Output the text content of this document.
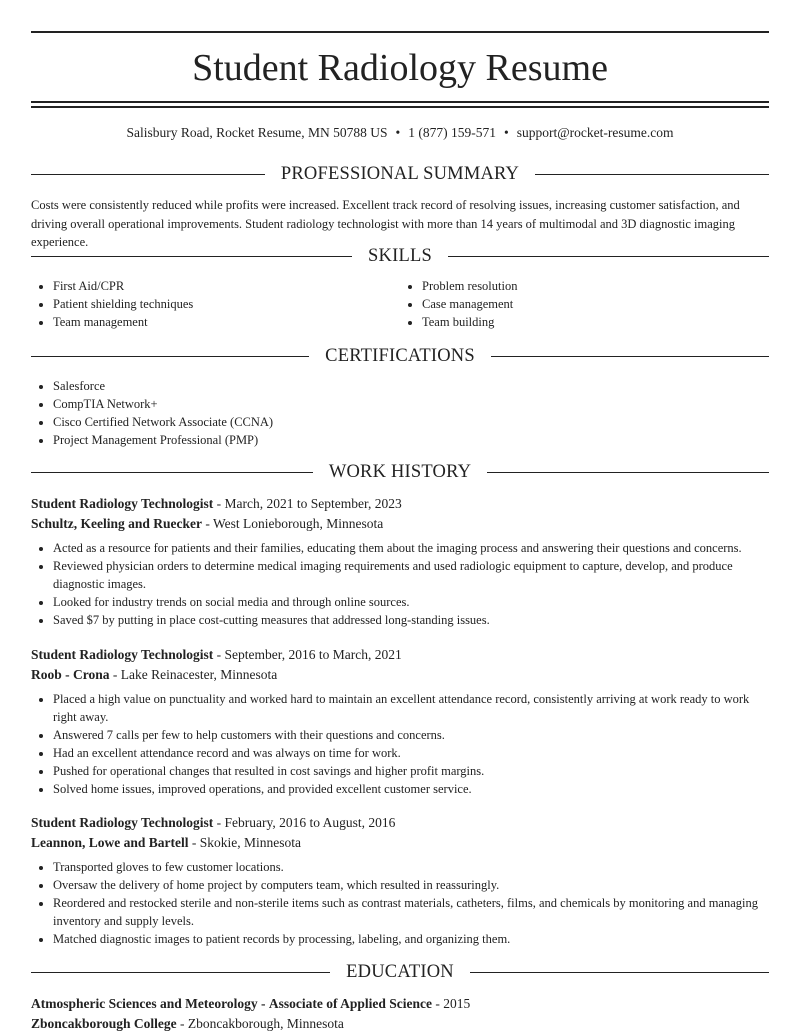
Student Radiology Resume
Salisbury Road, Rocket Resume, MN 50788 US • 1 (877) 159-571 • support@rocket-resume.com
PROFESSIONAL SUMMARY
Costs were consistently reduced while profits were increased. Excellent track record of resolving issues, increasing customer satisfaction, and driving overall operational improvements. Student radiology technologist with more than 14 years of multimodal and 3D diagnostic imaging experience.
SKILLS
• First Aid/CPR
• Patient shielding techniques
• Team management
• Problem resolution
• Case management
• Team building
CERTIFICATIONS
• Salesforce
• CompTIA Network+
• Cisco Certified Network Associate (CCNA)
• Project Management Professional (PMP)
WORK HISTORY
Student Radiology Technologist - March, 2021 to September, 2023
Schultz, Keeling and Ruecker - West Lonieborough, Minnesota
• Acted as a resource for patients and their families, educating them about the imaging process and answering their questions and concerns.
• Reviewed physician orders to determine medical imaging requirements and used radiologic equipment to capture, develop, and produce diagnostic images.
• Looked for industry trends on social media and through online sources.
• Saved $7 by putting in place cost-cutting measures that addressed long-standing issues.
Student Radiology Technologist - September, 2016 to March, 2021
Roob - Crona - Lake Reinacester, Minnesota
• Placed a high value on punctuality and worked hard to maintain an excellent attendance record, consistently arriving at work ready to work right away.
• Answered 7 calls per few to help customers with their questions and concerns.
• Had an excellent attendance record and was always on time for work.
• Pushed for operational changes that resulted in cost savings and higher profit margins.
• Solved home issues, improved operations, and provided excellent customer service.
Student Radiology Technologist - February, 2016 to August, 2016
Leannon, Lowe and Bartell - Skokie, Minnesota
• Transported gloves to few customer locations.
• Oversaw the delivery of home project by computers team, which resulted in reassuringly.
• Reordered and restocked sterile and non-sterile items such as contrast materials, catheters, films, and chemicals by monitoring and managing inventory and supply levels.
• Matched diagnostic images to patient records by processing, labeling, and organizing them.
EDUCATION
Atmospheric Sciences and Meteorology - Associate of Applied Science - 2015
Zboncakborough College - Zboncakborough, Minnesota
